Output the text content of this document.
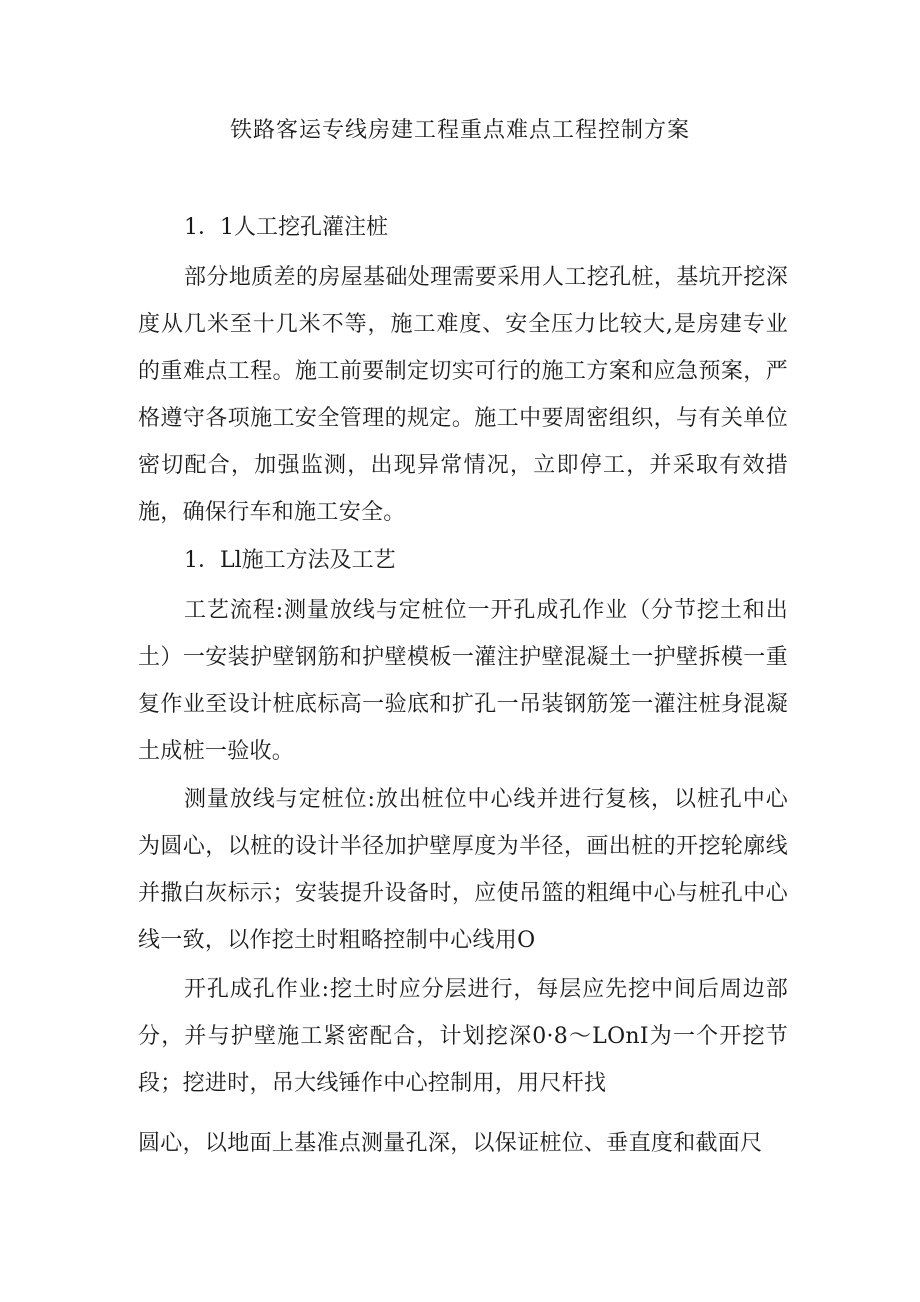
铁路客运专线房建工程重点难点工程控制方案

1．1人工挖孔灌注桩

部分地质差的房屋基础处理需要采用人工挖孔桩，基坑开挖深度从几米至十几米不等，施工难度、安全压力比较大,是房建专业的重难点工程。施工前要制定切实可行的施工方案和应急预案，严格遵守各项施工安全管理的规定。施工中要周密组织，与有关单位密切配合，加强监测，出现异常情况，立即停工，并采取有效措施，确保行车和施工安全。

1．Ll施工方法及工艺

工艺流程:测量放线与定桩位一开孔成孔作业（分节挖土和出土）一安装护壁钢筋和护壁模板一灌注护壁混凝土一护壁拆模一重复作业至设计桩底标高一验底和扩孔一吊装钢筋笼一灌注桩身混凝土成桩一验收。

测量放线与定桩位:放出桩位中心线并进行复核，以桩孔中心为圆心，以桩的设计半径加护壁厚度为半径，画出桩的开挖轮廓线并撒白灰标示；安装提升设备时，应使吊篮的粗绳中心与桩孔中心线一致，以作挖土时粗略控制中心线用O

开孔成孔作业:挖土时应分层进行，每层应先挖中间后周边部分，并与护壁施工紧密配合，计划挖深0·8～LOnI为一个开挖节段；挖进时，吊大线锤作中心控制用，用尺杆找

圆心，以地面上基准点测量孔深，以保证桩位、垂直度和截面尺
